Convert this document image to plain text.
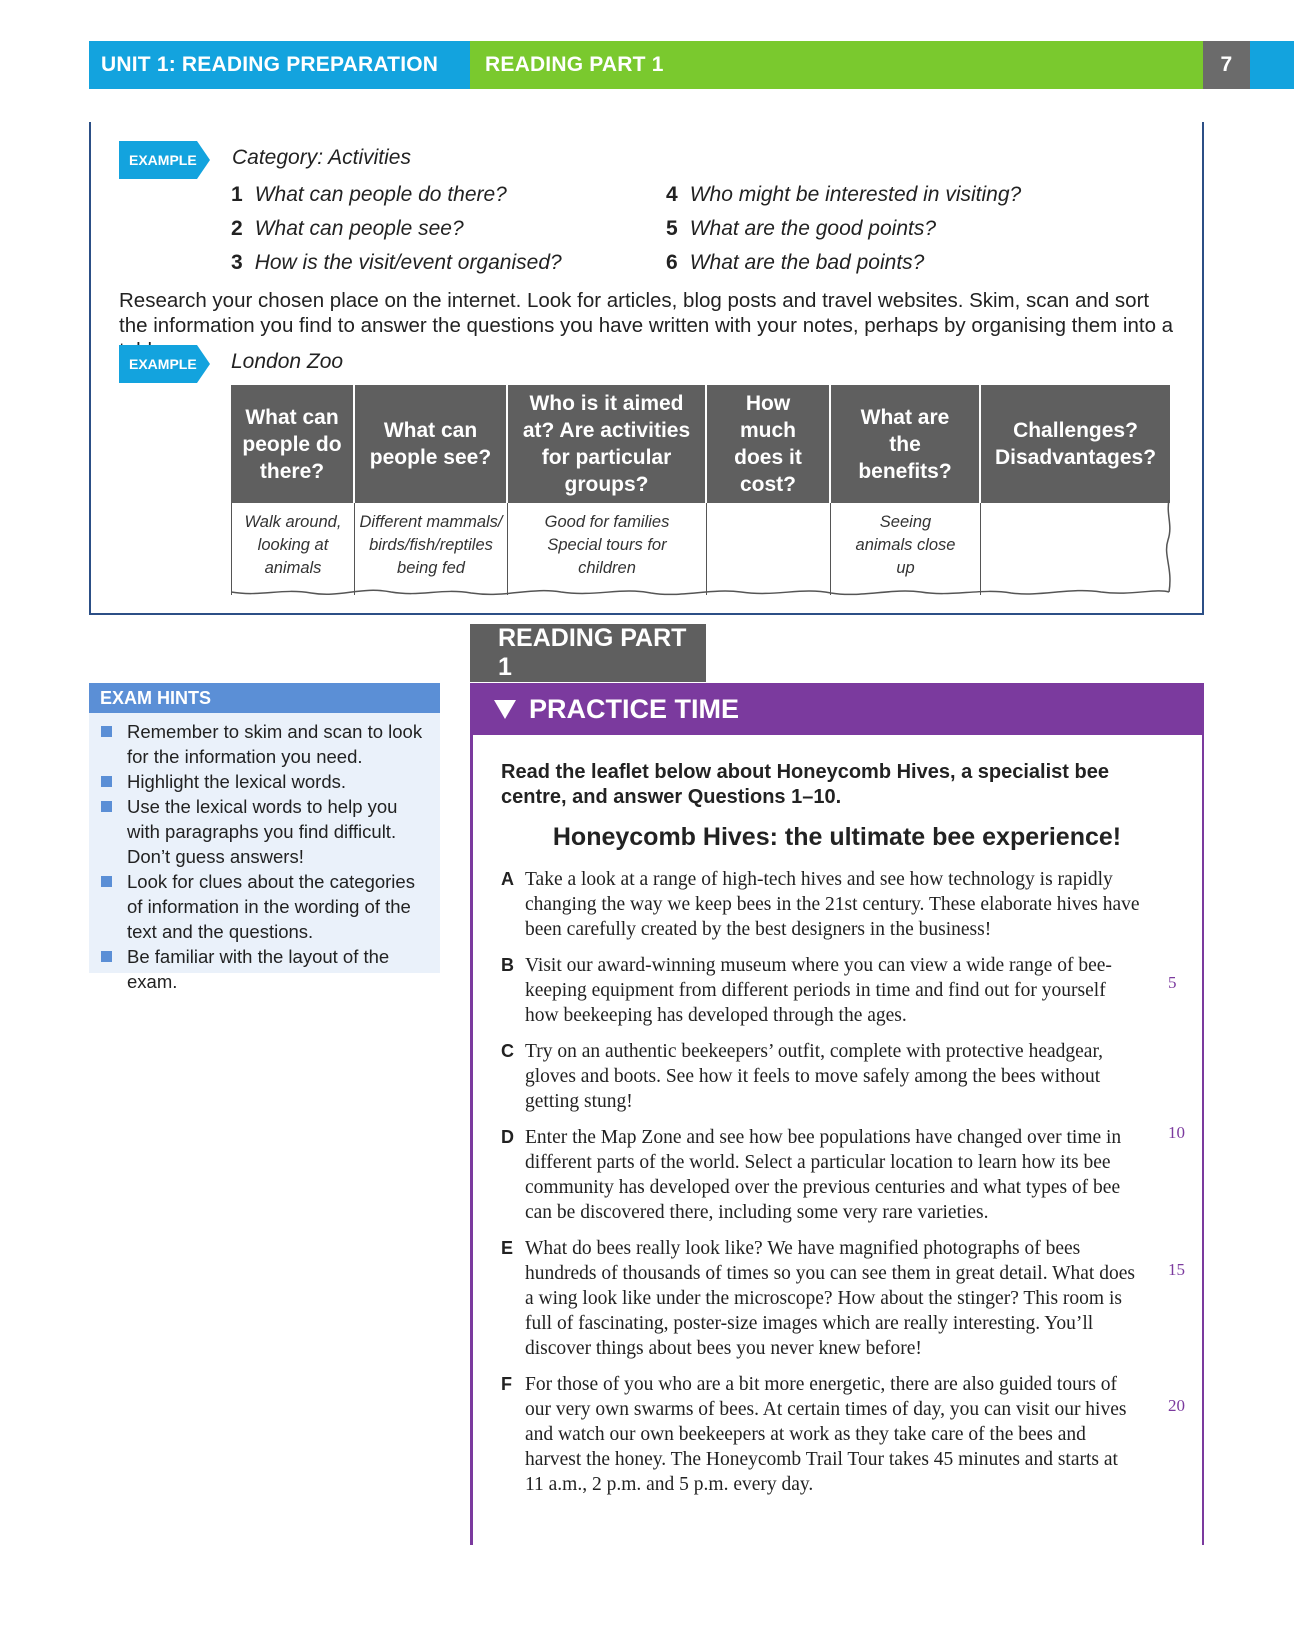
UNIT 1: READING PREPARATION	READING PART 1	7
EXAMPLE Category: Activities
1 What can people do there?
2 What can people see?
3 How is the visit/event organised?
4 Who might be interested in visiting?
5 What are the good points?
6 What are the bad points?
Research your chosen place on the internet. Look for articles, blog posts and travel websites. Skim, scan and sort the information you find to answer the questions you have written with your notes, perhaps by organising them into a
EXAMPLE London Zoo
What can people do there?
What can people see?
Who is it aimed at? Are activities for particular groups?
How much does it cost?
What are the benefits?
Challenges? Disadvantages?
Walk around, looking at animals
Different mammals/ birds/fish/reptiles being fed
Good for families Special tours for children
Seeing animals close up
EXAM HINTS
Remember to skim and scan to look for the information you need.
Highlight the lexical words.
Use the lexical words to help you with paragraphs you find difficult. Don’t guess answers!
Look for clues about the categories of information in the wording of the text and the questions.
Be familiar with the layout of the exam.
READING PART 1
PRACTICE TIME
Read the leaflet below about Honeycomb Hives, a specialist bee centre, and answer Questions 1–10.
Honeycomb Hives: the ultimate bee experience!
A Take a look at a range of high-tech hives and see how technology is rapidly changing the way we keep bees in the 21st century. These elaborate hives have been carefully created by the best designers in the business!
B Visit our award-winning museum where you can view a wide range of bee-keeping equipment from different periods in time and find out for yourself how beekeeping has developed through the ages.
C Try on an authentic beekeepers’ outfit, complete with protective headgear, gloves and boots. See how it feels to move safely among the bees without getting stung!
D Enter the Map Zone and see how bee populations have changed over time in different parts of the world. Select a particular location to learn how its bee community has developed over the previous centuries and what types of bee can be discovered there, including some very rare varieties.
E What do bees really look like? We have magnified photographs of bees hundreds of thousands of times so you can see them in great detail. What does a wing look like under the microscope? How about the stinger? This room is full of fascinating, poster-size images which are really interesting. You’ll discover things about bees you never knew before!
F For those of you who are a bit more energetic, there are also guided tours of our very own swarms of bees. At certain times of day, you can visit our hives and watch our own beekeepers at work as they take care of the bees and harvest the honey. The Honeycomb Trail Tour takes 45 minutes and starts at 11 a.m., 2 p.m. and 5 p.m. every day.
5
10
15
20
